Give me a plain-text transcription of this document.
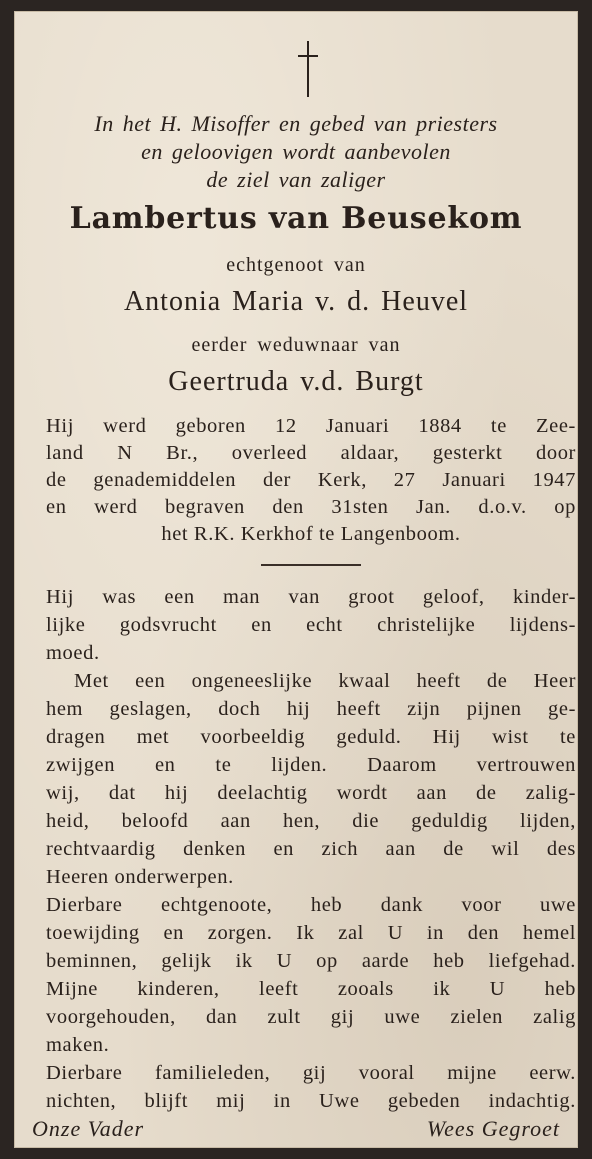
In het H. Misoffer en gebed van priesters
en geloovigen wordt aanbevolen
de ziel van zaliger
Lambertus van Beusekom
echtgenoot van
Antonia Maria v. d. Heuvel
eerder weduwnaar van
Geertruda v.d. Burgt
Hij werd geboren 12 Januari 1884 te Zee-
land N Br., overleed aldaar, gesterkt door
de genademiddelen der Kerk, 27 Januari 1947
en werd begraven den 31sten Jan. d.o.v. op
het R.K. Kerkhof te Langenboom.
Hij was een man van groot geloof, kinder-
lijke godsvrucht en echt christelijke lijdens-
moed.
Met een ongeneeslijke kwaal heeft de Heer
hem geslagen, doch hij heeft zijn pijnen ge-
dragen met voorbeeldig geduld. Hij wist te
zwijgen en te lijden. Daarom vertrouwen
wij, dat hij deelachtig wordt aan de zalig-
heid, beloofd aan hen, die geduldig lijden,
rechtvaardig denken en zich aan de wil des
Heeren onderwerpen.
Dierbare echtgenoote, heb dank voor uwe
toewijding en zorgen. Ik zal U in den hemel
beminnen, gelijk ik U op aarde heb liefgehad.
Mijne kinderen, leeft zooals ik U heb
voorgehouden, dan zult gij uwe zielen zalig
maken.
Dierbare familieleden, gij vooral mijne eerw.
nichten, blijft mij in Uwe gebeden indachtig.
Onze Vader	Wees Gegroet
